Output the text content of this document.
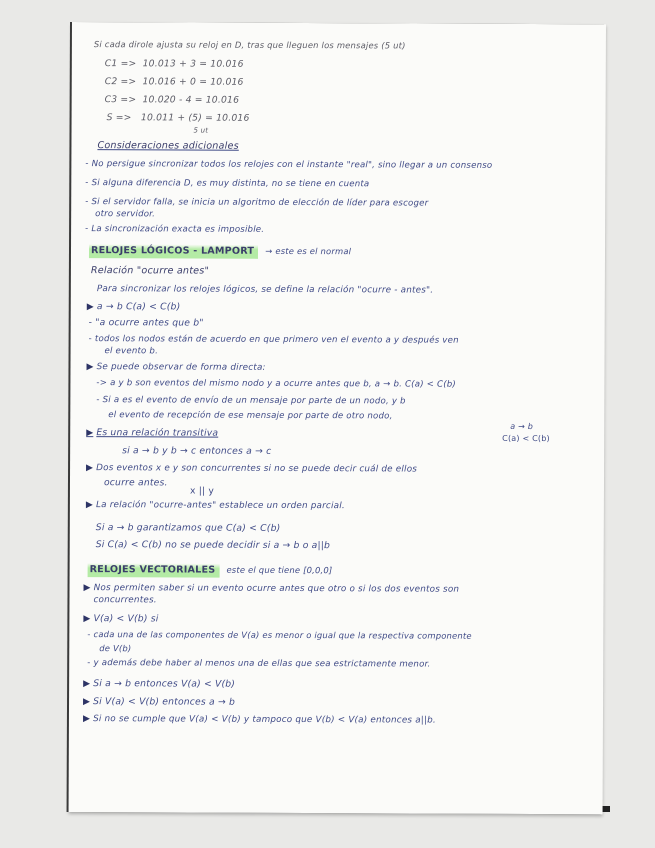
Si cada dirole ajusta su reloj en D, tras que lleguen los mensajes (5 ut)
C1 => 10.013 + 3 = 10.016
C2 => 10.016 + 0 = 10.016
C3 => 10.020 - 4 = 10.016
S => 10.011 + (5) = 10.016
5 ut
Consideraciones adicionales
- No persigue sincronizar todos los relojes con el instante "real", sino llegar a un consenso
- Si alguna diferencia D, es muy distinta, no se tiene en cuenta
- Si el servidor falla, se inicia un algoritmo de elección de líder para escoger
otro servidor.
- La sincronización exacta es imposible.
RELOJES LÓGICOS - LAMPORT → este es el normal
Relación "ocurre antes"
Para sincronizar los relojes lógicos, se define la relación "ocurre - antes".
▶ a → b C(a) < C(b)
- "a ocurre antes que b"
- todos los nodos están de acuerdo en que primero ven el evento a y después ven
el evento b.
▶ Se puede observar de forma directa:
-> a y b son eventos del mismo nodo y a ocurre antes que b, a → b. C(a) < C(b)
- Si a es el evento de envío de un mensaje por parte de un nodo, y b
el evento de recepción de ese mensaje por parte de otro nodo,
a → b
C(a) < C(b)
▶ Es una relación transitiva
si a → b y b → c entonces a → c
▶ Dos eventos x e y son concurrentes si no se puede decir cuál de ellos
ocurre antes.
x || y
▶ La relación "ocurre-antes" establece un orden parcial.
Si a → b garantizamos que C(a) < C(b)
Si C(a) < C(b) no se puede decidir si a → b o a||b
RELOJES VECTORIALES este el que tiene [0,0,0]
▶ Nos permiten saber si un evento ocurre antes que otro o si los dos eventos son
concurrentes.
▶ V(a) < V(b) si
- cada una de las componentes de V(a) es menor o igual que la respectiva componente
de V(b)
- y además debe haber al menos una de ellas que sea estrictamente menor.
▶ Si a → b entonces V(a) < V(b)
▶ Si V(a) < V(b) entonces a → b
▶ Si no se cumple que V(a) < V(b) y tampoco que V(b) < V(a) entonces a||b.
